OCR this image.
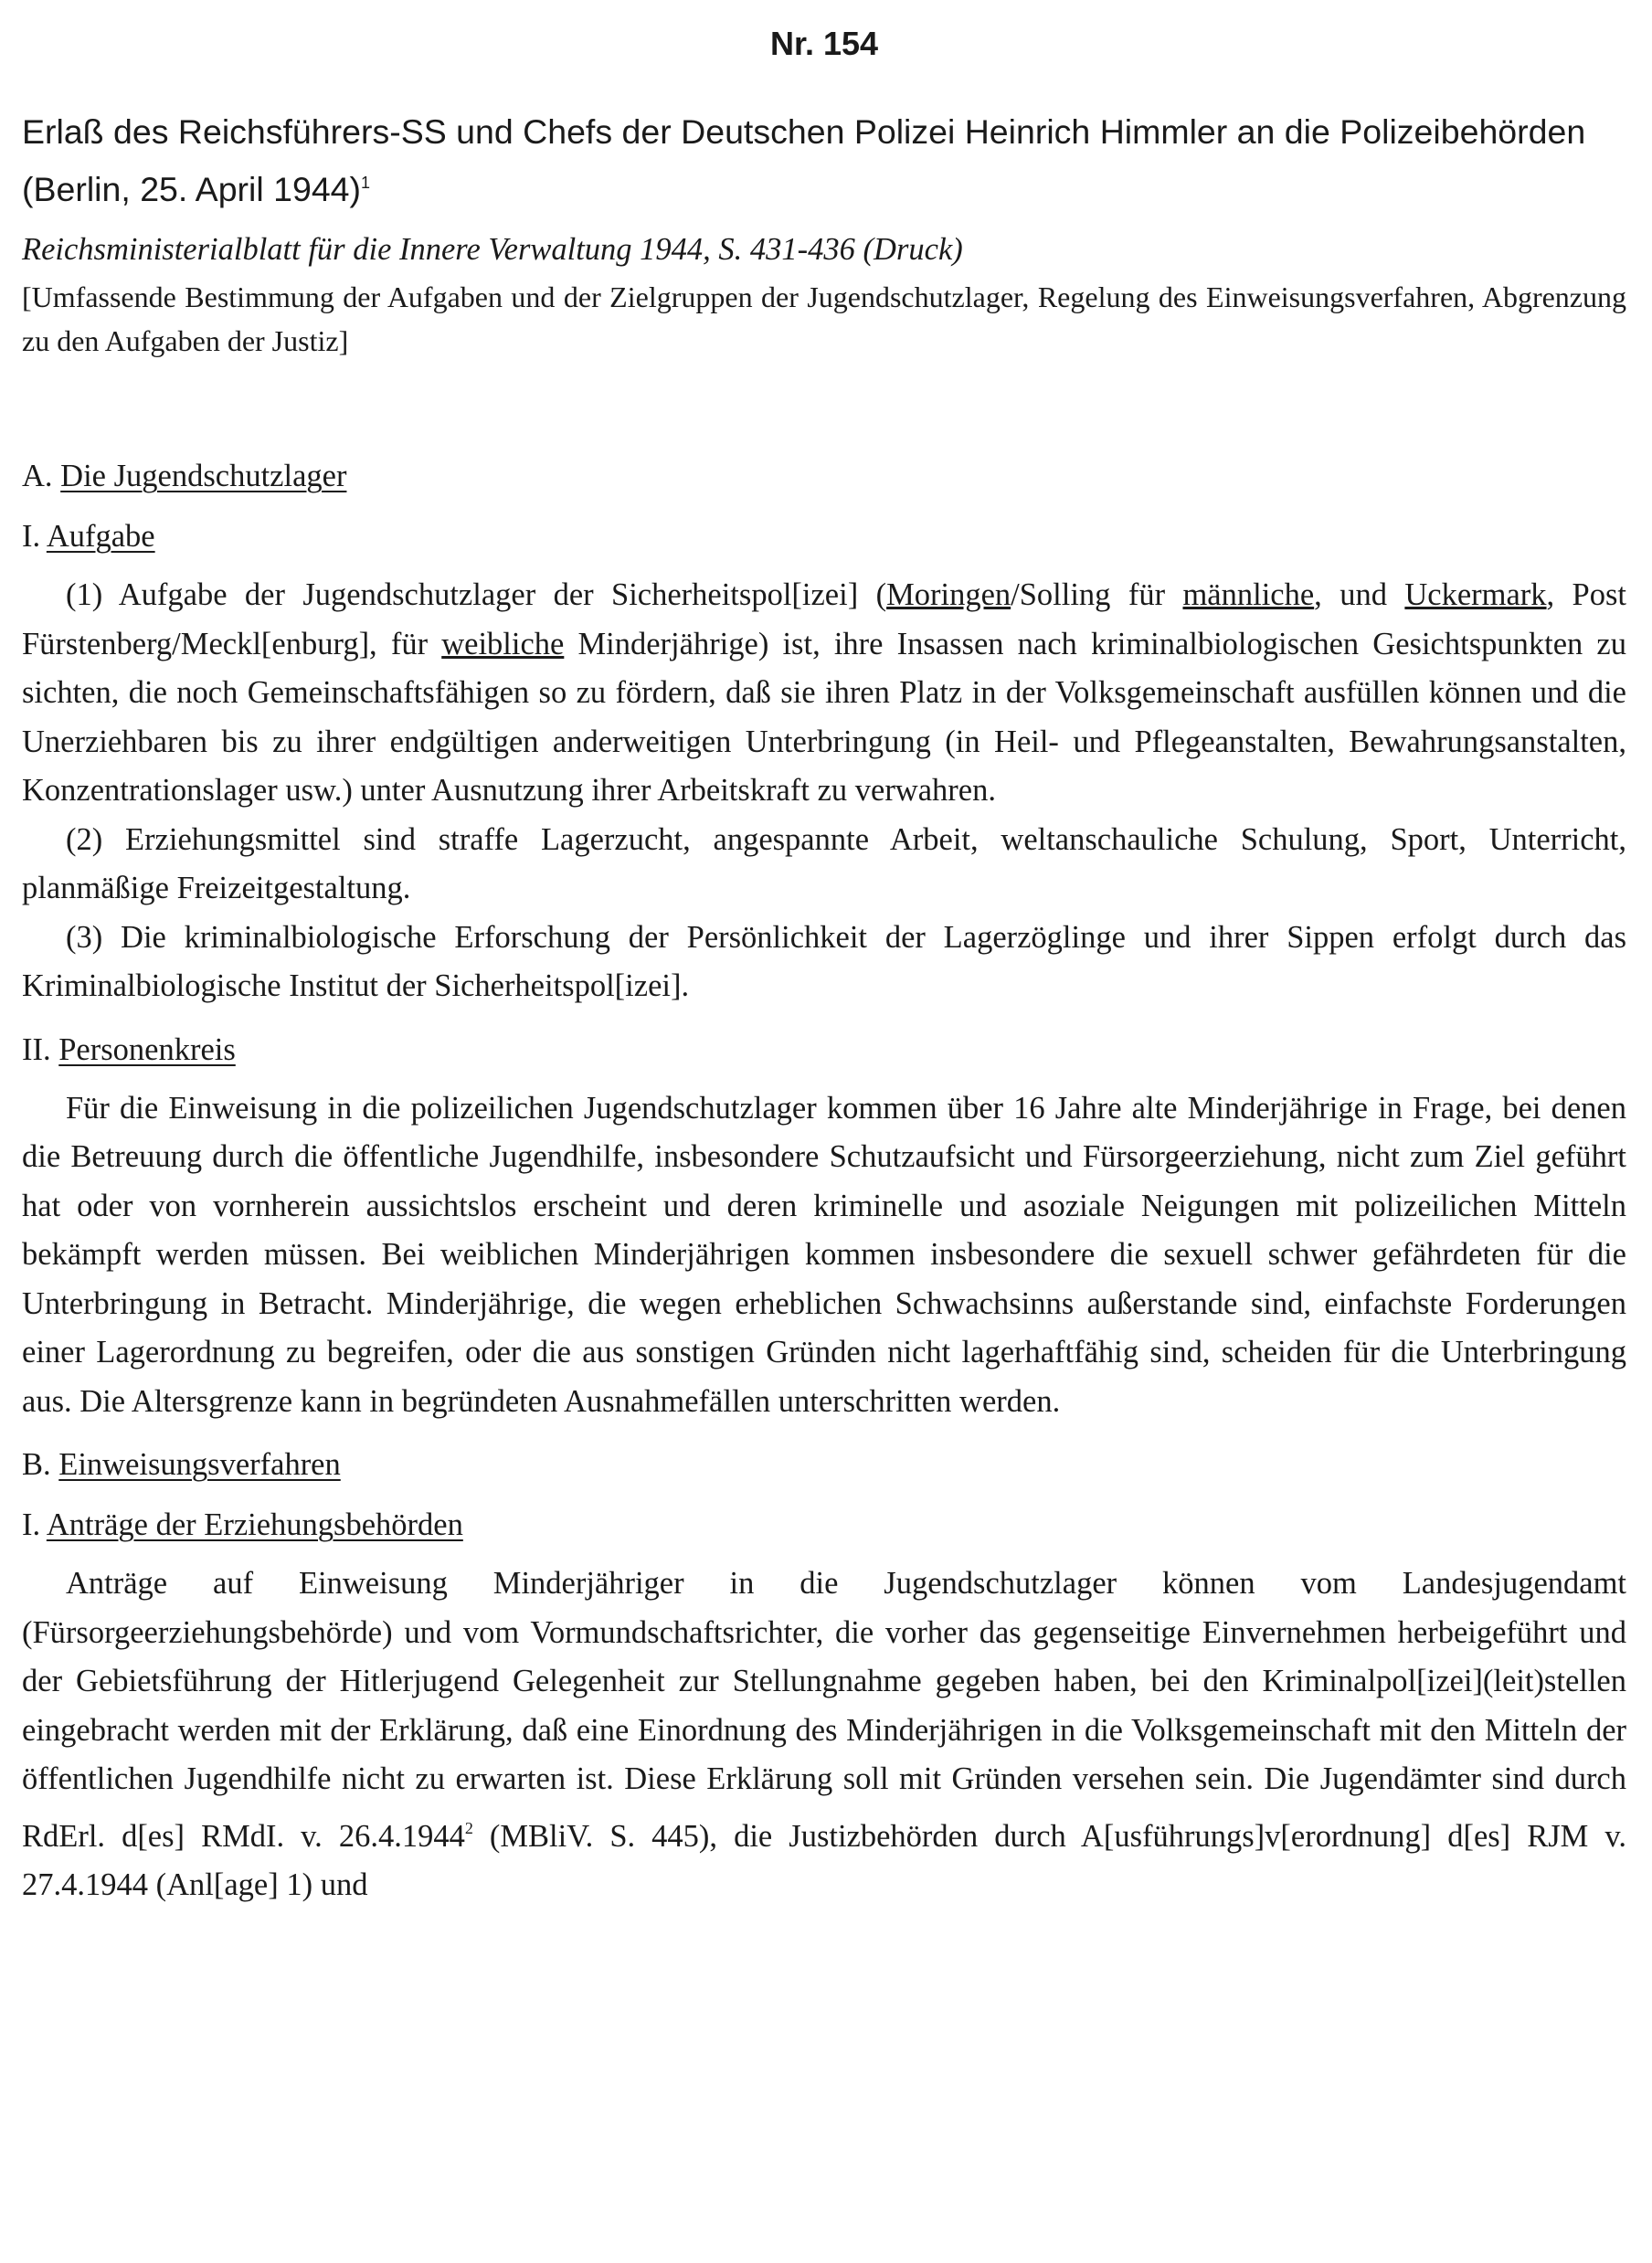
Nr. 154

Erlaß des Reichsführers-SS und Chefs der Deutschen Polizei Heinrich Himmler an die Polizeibehörden (Berlin, 25. April 1944)$^1$

Reichsministerialblatt für die Innere Verwaltung 1944, S. 431-436 (Druck)

[Umfassende Bestimmung der Aufgaben und der Zielgruppen der Jugendschutzlager, Regelung des Einweisungsverfahren, Abgrenzung zu den Aufgaben der Justiz]

A. Die Jugendschutzlager

I. Aufgabe

(1) Aufgabe der Jugendschutzlager der Sicherheitspol[izei] (Moringen/Solling für männliche, und Uckermark, Post Fürstenberg/Meckl[enburg], für weibliche Minderjährige) ist, ihre Insassen nach kriminalbiologischen Gesichtspunkten zu sichten, die noch Gemeinschaftsfähigen so zu fördern, daß sie ihren Platz in der Volksgemeinschaft ausfüllen können und die Unerziehbaren bis zu ihrer endgültigen anderweitigen Unterbringung (in Heil- und Pflegeanstalten, Bewahrungsanstalten, Konzentrationslager usw.) unter Ausnutzung ihrer Arbeitskraft zu verwahren.

(2) Erziehungsmittel sind straffe Lagerzucht, angespannte Arbeit, weltanschauliche Schulung, Sport, Unterricht, planmäßige Freizeitgestaltung.

(3) Die kriminalbiologische Erforschung der Persönlichkeit der Lagerzöglinge und ihrer Sippen erfolgt durch das Kriminalbiologische Institut der Sicherheitspol[izei].

II. Personenkreis

Für die Einweisung in die polizeilichen Jugendschutzlager kommen über 16 Jahre alte Minderjährige in Frage, bei denen die Betreuung durch die öffentliche Jugendhilfe, insbesondere Schutzaufsicht und Fürsorgeerziehung, nicht zum Ziel geführt hat oder von vornherein aussichtslos erscheint und deren kriminelle und asoziale Neigungen mit polizeilichen Mitteln bekämpft werden müssen. Bei weiblichen Minderjährigen kommen insbesondere die sexuell schwer gefährdeten für die Unterbringung in Betracht. Minderjährige, die wegen erheblichen Schwachsinns außerstande sind, einfachste Forderungen einer Lagerordnung zu begreifen, oder die aus sonstigen Gründen nicht lagerhaftfähig sind, scheiden für die Unterbringung aus. Die Altersgrenze kann in begründeten Ausnahmefällen unterschritten werden.

B. Einweisungsverfahren

I. Anträge der Erziehungsbehörden

Anträge auf Einweisung Minderjähriger in die Jugendschutzlager können vom Landesjugendamt (Fürsorgeerziehungsbehörde) und vom Vormundschaftsrichter, die vorher das gegenseitige Einvernehmen herbeigeführt und der Gebietsführung der Hitlerjugend Gelegenheit zur Stellungnahme gegeben haben, bei den Kriminalpol[izei](leit)stellen eingebracht werden mit der Erklärung, daß eine Einordnung des Minderjährigen in die Volksgemeinschaft mit den Mitteln der öffentlichen Jugendhilfe nicht zu erwarten ist. Diese Erklärung soll mit Gründen versehen sein. Die Jugendämter sind durch RdErl. d[es] RMdI. v. 26.4.1944$^2$ (MBliV. S. 445), die Justizbehörden durch A[usführungs]v[erordnung] d[es] RJM v. 27.4.1944 (Anl[age] 1) und
